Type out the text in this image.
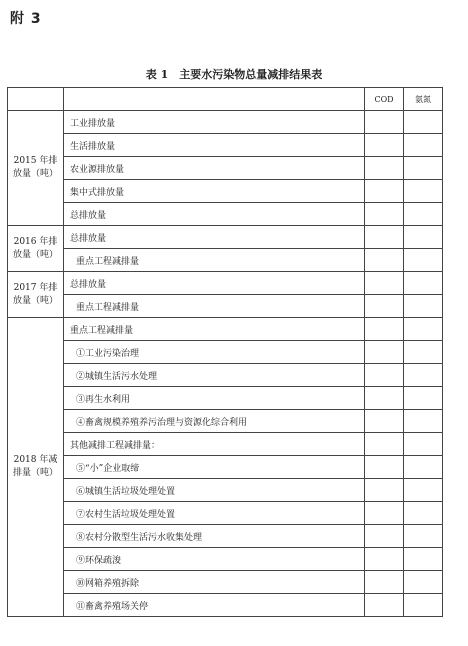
附 3
表 1　主要水污染物总量减排结果表
		COD	氨氮
2015 年排放量（吨）	工业排放量		
	生活排放量		
	农业源排放量		
	集中式排放量		
	总排放量		
2016 年排放量（吨）	总排放量		
	重点工程减排量		
2017 年排放量（吨）	总排放量		
	重点工程减排量		
2018 年减排量（吨）	重点工程减排量		
	①工业污染治理		
	②城镇生活污水处理		
	③再生水利用		
	④畜禽规模养殖养污治理与资源化综合利用		
	其他减排工程减排量：		
	⑤“小”企业取缔		
	⑥城镇生活垃圾处理处置		
	⑦农村生活垃圾处理处置		
	⑧农村分散型生活污水收集处理		
	⑨环保疏浚		
	⑩网箱养殖拆除		
	⑪畜禽养殖场关停		
